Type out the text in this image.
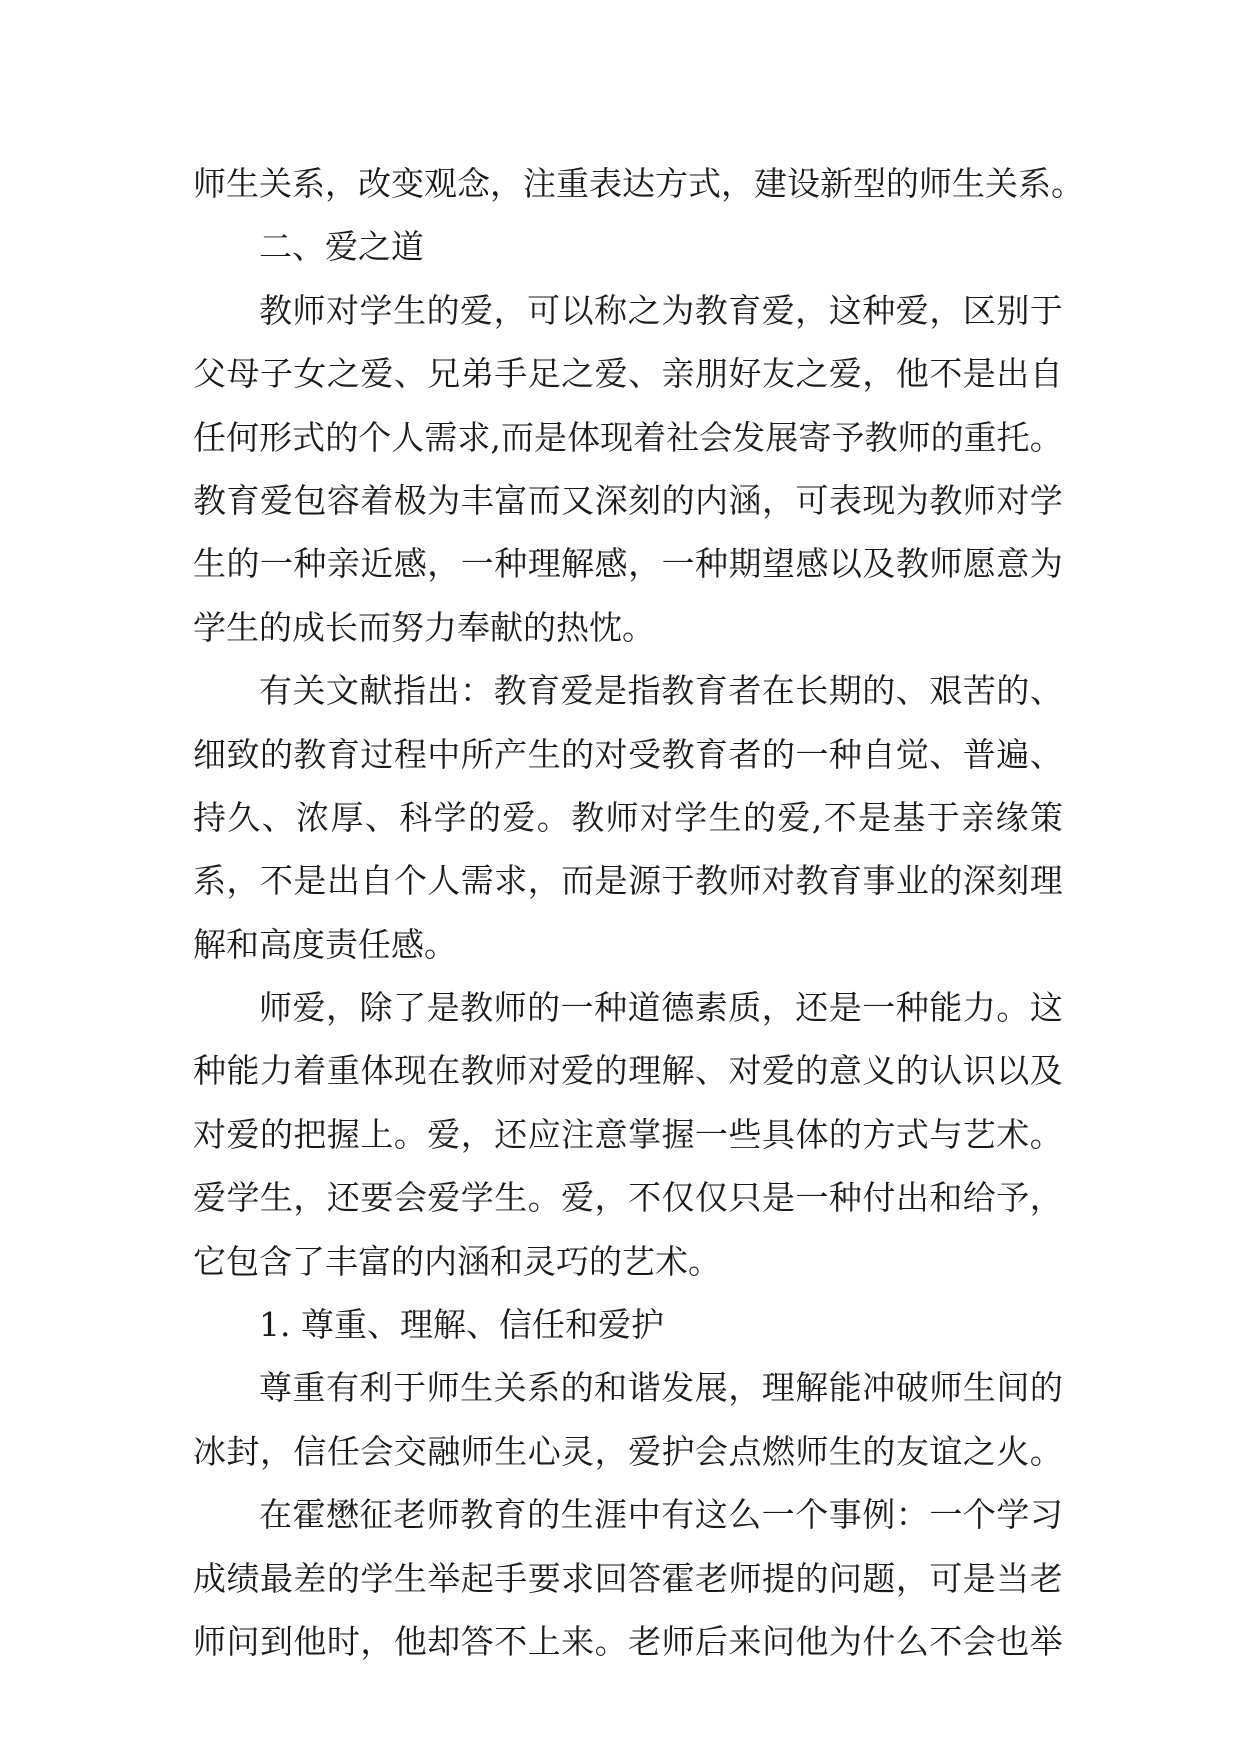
师 生 关 系 ， 改 变 观 念 ， 注 重 表 达 方 式 ， 建 设 新 型 的 师 生 关 系 。
二、爱之道
教 师 对 学 生 的 爱 ， 可 以 称 之 为 教 育 爱 ， 这 种 爱 ， 区 别 于
父 母 子 女 之 爱 、 兄 弟 手 足 之 爱 、 亲 朋 好 友 之 爱 ， 他 不 是 出 自
任 何 形 式 的 个 人 需 求 , 而 是 体 现 着 社 会 发 展 寄 予 教 师 的 重 托 。
教 育 爱 包 容 着 极 为 丰 富 而 又 深 刻 的 内 涵 ， 可 表 现 为 教 师 对 学
生 的 一 种 亲 近 感 ， 一 种 理 解 感 ， 一 种 期 望 感 以 及 教 师 愿 意 为
学生的成长而努力奉献的热忱。
有 关 文 献 指 出 ： 教 育 爱 是 指 教 育 者 在 长 期 的 、 艰 苦 的 、
细 致 的 教 育 过 程 中 所 产 生 的 对 受 教 育 者 的 一 种 自 觉 、 普 遍 、
持 久 、 浓 厚 、 科 学 的 爱 。 教 师 对 学 生 的 爱 , 不 是 基 于 亲 缘 策
系 ， 不 是 出 自 个 人 需 求 ， 而 是 源 于 教 师 对 教 育 事 业 的 深 刻 理
解和高度责任感。
师 爱 ， 除 了 是 教 师 的 一 种 道 德 素 质 ， 还 是 一 种 能 力 。 这
种 能 力 着 重 体 现 在 教 师 对 爱 的 理 解 、 对 爱 的 意 义 的 认 识 以 及
对 爱 的 把 握 上 。 爱 ， 还 应 注 意 掌 握 一 些 具 体 的 方 式 与 艺 术 。
爱 学 生 ， 还 要 会 爱 学 生 。 爱 ， 不 仅 仅 只 是 一 种 付 出 和 给 予 ，
它包含了丰富的内涵和灵巧的艺术。
1. 尊重、理解、信任和爱护
尊 重 有 利 于 师 生 关 系 的 和 谐 发 展 ， 理 解 能 冲 破 师 生 间 的
冰 封 ， 信 任 会 交 融 师 生 心 灵 ， 爱 护 会 点 燃 师 生 的 友 谊 之 火 。
在 霍 懋 征 老 师 教 育 的 生 涯 中 有 这 么 一 个 事 例 ： 一 个 学 习
成 绩 最 差 的 学 生 举 起 手 要 求 回 答 霍 老 师 提 的 问 题 ， 可 是 当 老
师 问 到 他 时 ， 他 却 答 不 上 来 。 老 师 后 来 问 他 为 什 么 不 会 也 举
